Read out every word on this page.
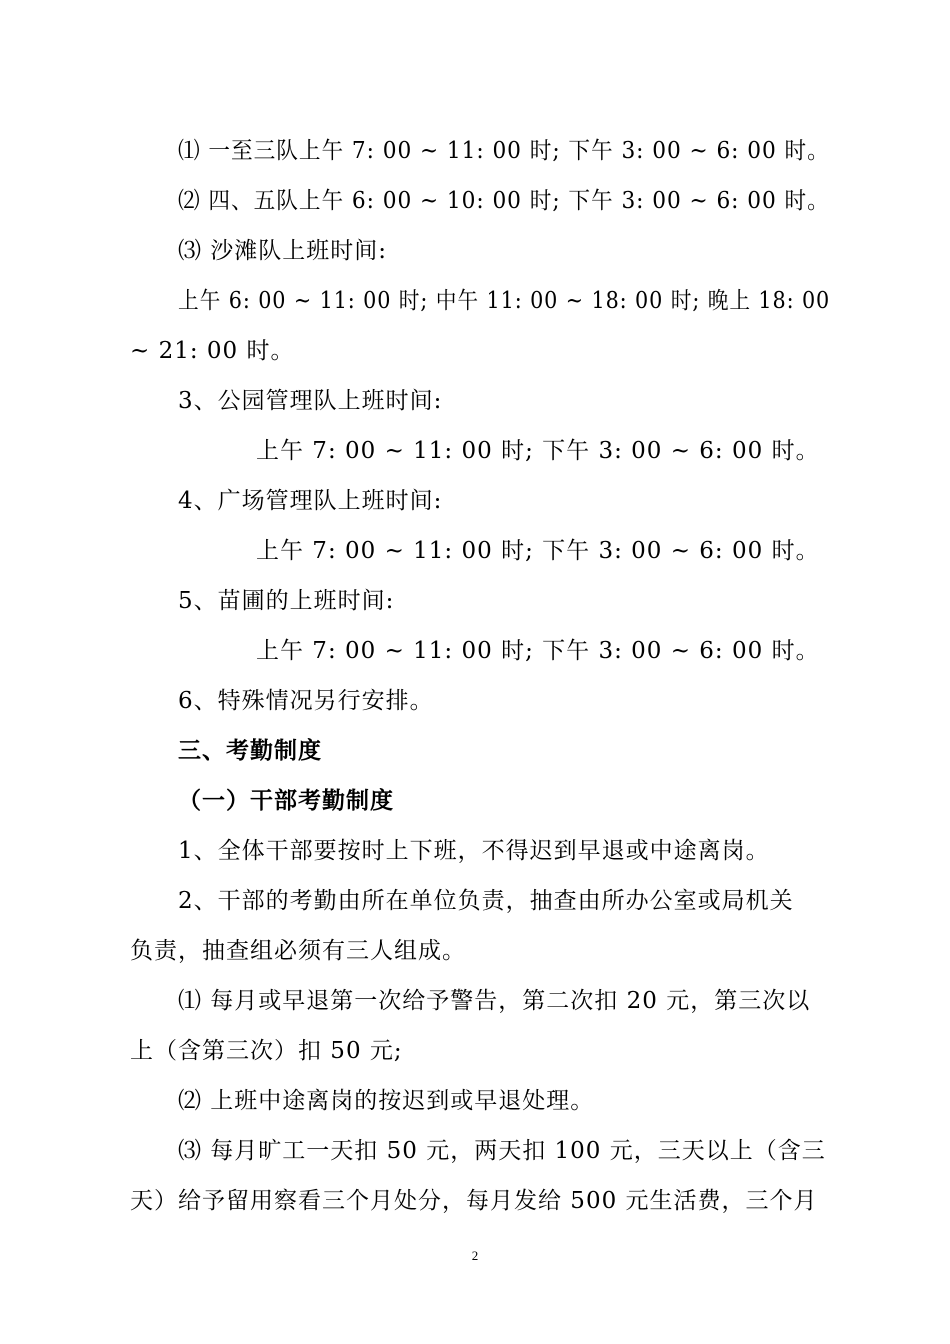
⑴ 一至三队上午 7: 00 ~ 11: 00 时; 下午 3: 00 ~ 6: 00 时。
⑵ 四、五队上午 6: 00 ~ 10: 00 时; 下午 3: 00 ~ 6: 00 时。
⑶ 沙滩队上班时间:
上午 6: 00 ~ 11: 00 时; 中午 11: 00 ~ 18: 00 时; 晚上 18: 00
~ 21: 00 时。
3、公园管理队上班时间:
上午 7: 00 ~ 11: 00 时; 下午 3: 00 ~ 6: 00 时。
4、广场管理队上班时间:
上午 7: 00 ~ 11: 00 时; 下午 3: 00 ~ 6: 00 时。
5、苗圃的上班时间:
上午 7: 00 ~ 11: 00 时; 下午 3: 00 ~ 6: 00 时。
6、特殊情况另行安排。
三、考勤制度
（一）干部考勤制度
1、全体干部要按时上下班，不得迟到早退或中途离岗。
2、干部的考勤由所在单位负责，抽查由所办公室或局机关
负责，抽查组必须有三人组成。
⑴ 每月或早退第一次给予警告，第二次扣 20 元，第三次以
上（含第三次）扣 50 元;
⑵ 上班中途离岗的按迟到或早退处理。
⑶ 每月旷工一天扣 50 元，两天扣 100 元，三天以上（含三
天）给予留用察看三个月处分，每月发给 500 元生活费，三个月
2
